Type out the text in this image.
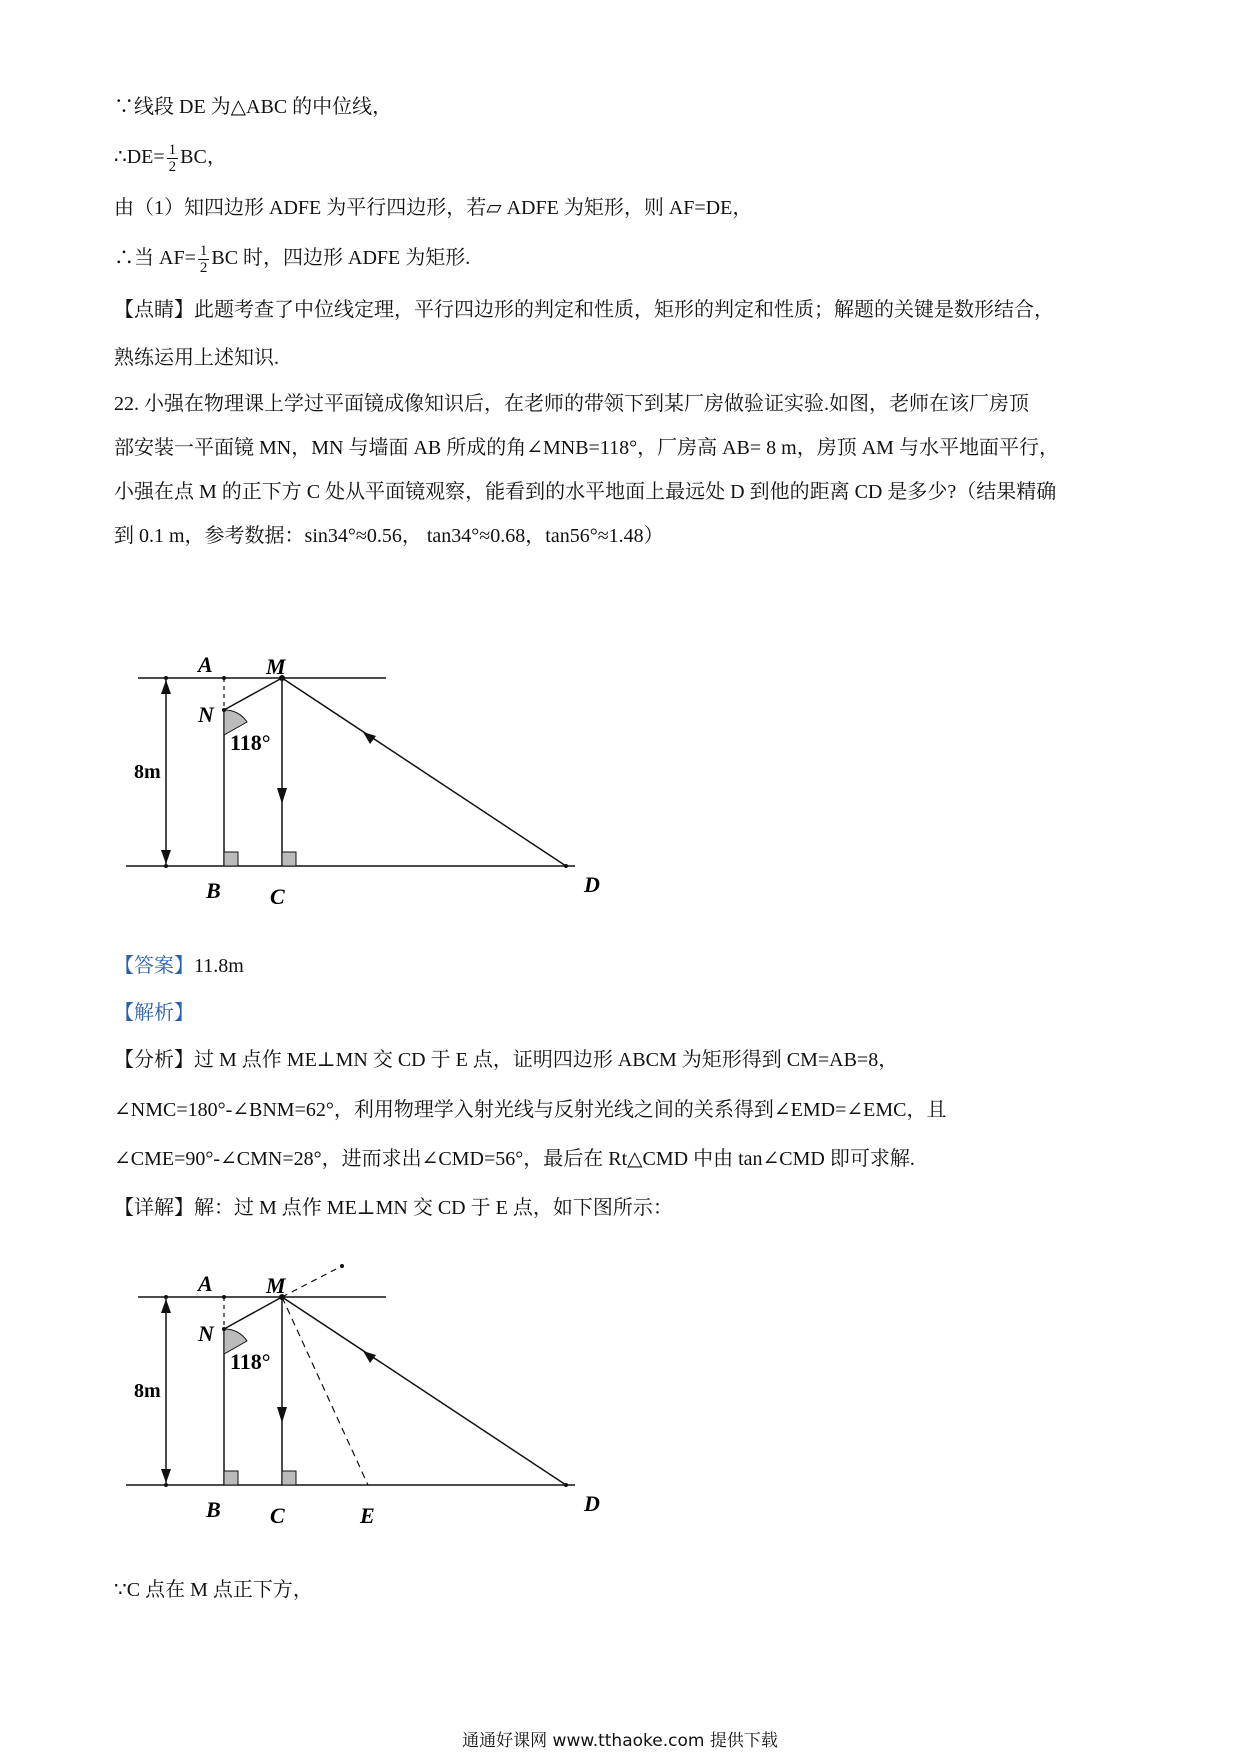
∵线段 DE 为△ABC 的中位线，
∴DE= $\frac{1}{2}$ BC，
由（1）知四边形 ADFE 为平行四边形，若▱ ADFE 为矩形，则 AF=DE，
∴当 $AF= \frac{1}{2}$ BC 时，四边形 ADFE 为矩形.
【点睛】此题考查了中位线定理，平行四边形的判定和性质，矩形的判定和性质；解题的关键是数形结合，
熟练运用上述知识.
22. 小强在物理课上学过平面镜成像知识后，在老师的带领下到某厂房做验证实验.如图，老师在该厂房顶
部安装一平面镜 MN，MN 与墙面 AB 所成的角∠MNB=118°，厂房高 AB= 8 m，房顶 AM 与水平地面平行，
小强在点 M 的正下方 C 处从平面镜观察，能看到的水平地面上最远处 D 到他的距离 CD 是多少?（结果精确
到 0.1 m，参考数据：sin34°≈0.56， tan34°≈0.68，tan56°≈1.48）
A M
N
118°
8m
B C	D
【答案】11.8m
【解析】
【分析】过 M 点作 ME⊥MN 交 CD 于 E 点，证明四边形 ABCM 为矩形得到 CM=AB=8，
∠NMC=180°-∠BNM=62°，利用物理学入射光线与反射光线之间的关系得到∠EMD=∠EMC，且
∠CME=90°-∠CMN=28°，进而求出∠CMD=56°，最后在 Rt△CMD 中由 tan∠CMD 即可求解.
【详解】解：过 M 点作 ME⊥MN 交 CD 于 E 点，如下图所示：
A M
N
118°
8m
B C	E	D
∵C 点在 M 点正下方，
通通好课网 www.tthaoke.com 提供下载
